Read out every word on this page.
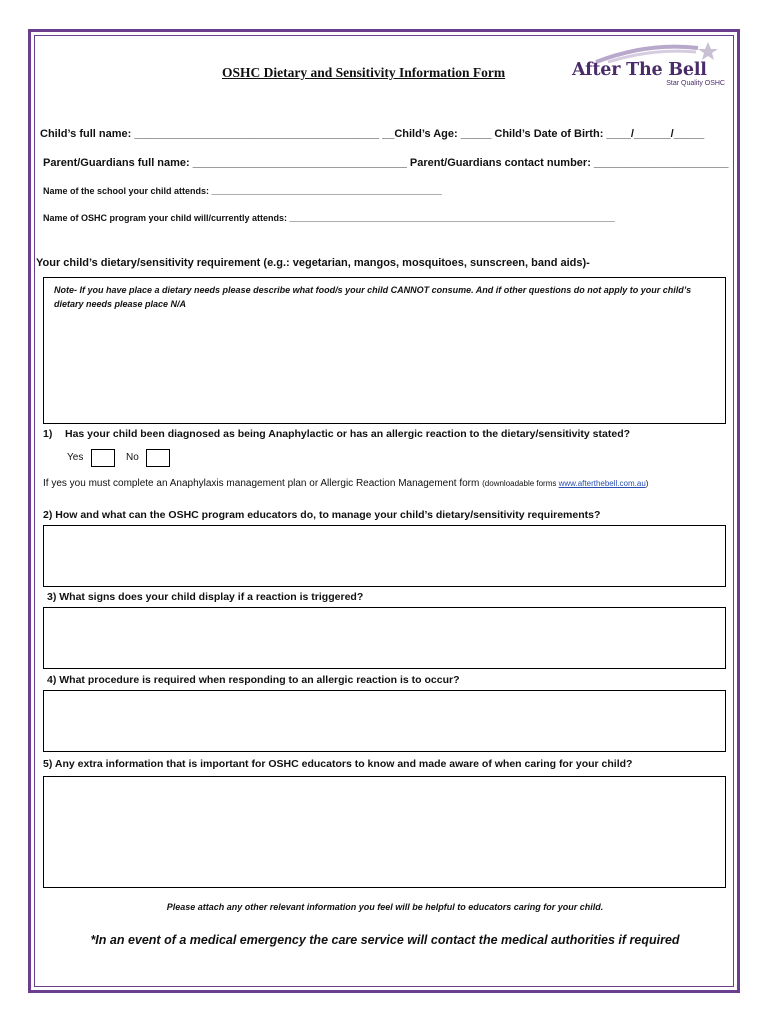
OSHC Dietary and Sensitivity Information Form	After The Bell
Star Quality OSHC
Child’s full name: ________________________________________ __Child’s Age: _____ Child’s Date of Birth: ____/______/_____
Parent/Guardians full name: ___________________________________ Parent/Guardians contact number: ______________________
Name of the school your child attends: ______________________________________________
Name of OSHC program your child will/currently attends: _________________________________________________________________
Your child’s dietary/sensitivity requirement (e.g.: vegetarian, mangos, mosquitoes, sunscreen, band aids)-
Note- If you have place a dietary needs please describe what food/s your child CANNOT consume. And if other questions do not apply to your child’s dietary needs please place N/A
1) Has your child been diagnosed as being Anaphylactic or has an allergic reaction to the dietary/sensitivity stated?
Yes	No
If yes you must complete an Anaphylaxis management plan or Allergic Reaction Management form (downloadable forms www.afterthebell.com.au)
2) How and what can the OSHC program educators do, to manage your child’s dietary/sensitivity requirements?
3) What signs does your child display if a reaction is triggered?
4) What procedure is required when responding to an allergic reaction is to occur?
5) Any extra information that is important for OSHC educators to know and made aware of when caring for your child?
Please attach any other relevant information you feel will be helpful to educators caring for your child.
*In an event of a medical emergency the care service will contact the medical authorities if required
